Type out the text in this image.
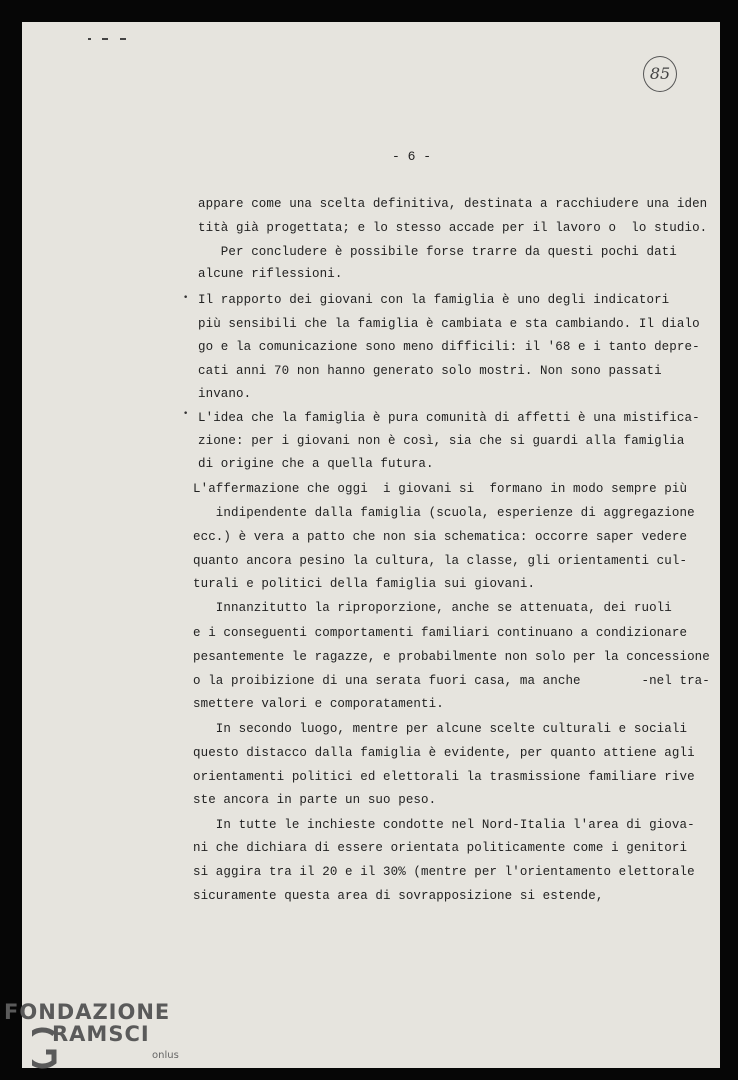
85
- 6 -
appare come una scelta definitiva, destinata a racchiudere una iden
tità già progettata; e lo stesso accade per il lavoro o  lo studio.
Per concludere è possibile forse trarre da questi pochi dati
alcune riflessioni.
Il rapporto dei giovani con la famiglia è uno degli indicatori
più sensibili che la famiglia è cambiata e sta cambiando. Il dialo
go e la comunicazione sono meno difficili: il '68 e i tanto depre-
cati anni 70 non hanno generato solo mostri. Non sono passati
invano.
L'idea che la famiglia è pura comunità di affetti è una mistifica-
zione: per i giovani non è così, sia che si guardi alla famiglia
di origine che a quella futura.
L'affermazione che oggi  i giovani si  formano in modo sempre più
indipendente dalla famiglia (scuola, esperienze di aggregazione
ecc.) è vera a patto che non sia schematica: occorre saper vedere
quanto ancora pesino la cultura, la classe, gli orientamenti cul-
turali e politici della famiglia sui giovani.
Innanzitutto la riproporzione, anche se attenuata, dei ruoli
e i conseguenti comportamenti familiari continuano a condizionare
pesantemente le ragazze, e probabilmente non solo per la concessione
o la proibizione di una serata fuori casa, ma anche        -nel tra-
smettere valori e comporatamenti.
In secondo luogo, mentre per alcune scelte culturali e sociali
questo distacco dalla famiglia è evidente, per quanto attiene agli
orientamenti politici ed elettorali la trasmissione familiare rive
ste ancora in parte un suo peso.
In tutte le inchieste condotte nel Nord-Italia l'area di giova-
ni che dichiara di essere orientata politicamente come i genitori
si aggira tra il 20 e il 30% (mentre per l'orientamento elettorale
sicuramente questa area di sovrapposizione si estende,
•
•
FONDAZIONE
RAMSCI
onlus
